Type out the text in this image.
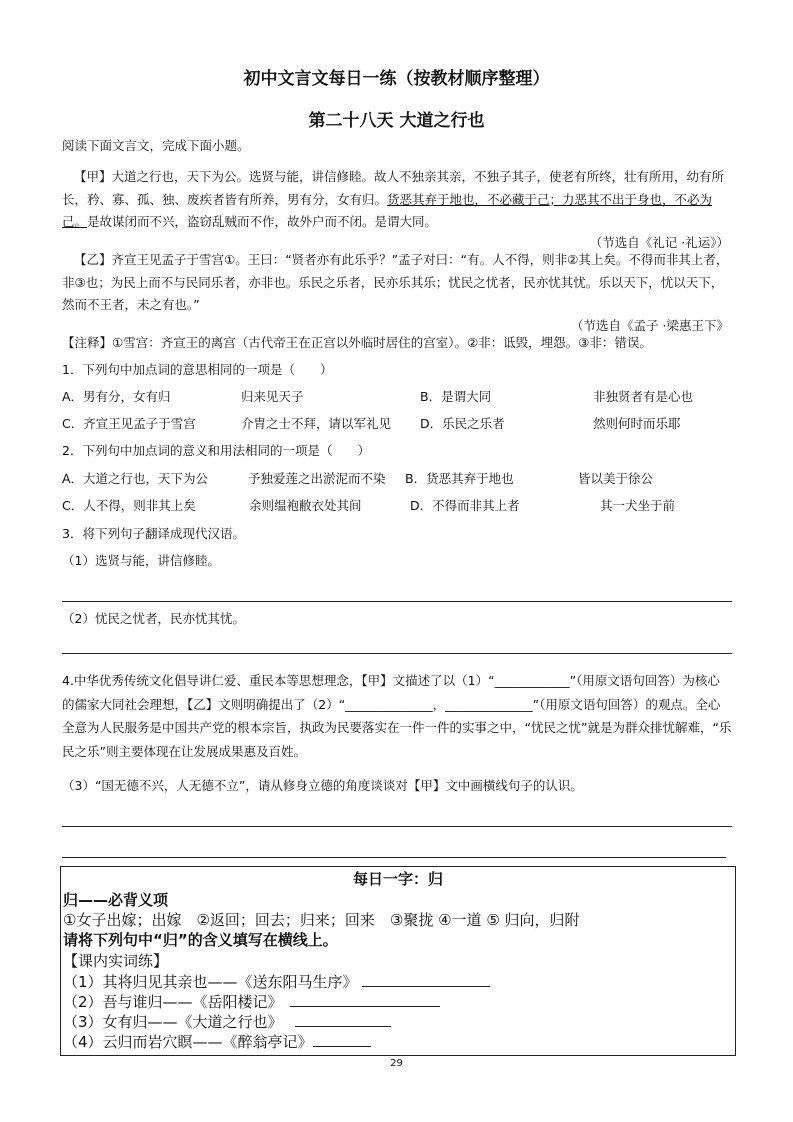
初中文言文每日一练（按教材顺序整理）
第二十八天 大道之行也
阅读下面文言文，完成下面小题。
【甲】大道之行也，天下为公。选贤与能，讲信修睦。故人不独亲其亲，不独子其子，使老有所终，壮有所用，幼有所长，矜、寡、孤、独、废疾者皆有所养，男有分，女有归。货恶其弃于地也，不必藏于己；力恶其不出于身也，不必为己。是故谋闭而不兴，盗窃乱贼而不作，故外户而不闭。是谓大同。
（节选自《礼记 ·礼运》）
【乙】齐宣王见孟子于雪宫①。王曰：“贤者亦有此乐乎？”孟子对曰：“有。人不得，则非②其上矣。不得而非其上者，非③也；为民上而不与民同乐者，亦非也。乐民之乐者，民亦乐其乐；忧民之忧者，民亦忧其忧。乐以天下，忧以天下，然而不王者，未之有也。”
（节选自《孟子 ·梁惠王下》
【注释】①雪宫：齐宣王的离宫（古代帝王在正宫以外临时居住的宫室）。②非：诋毁，埋怨。③非：错误。
1．下列句中加点词的意思相同的一项是（　　）
A．男有分，女有归	归来见天子	B．是谓大同	非独贤者有是心也
C．齐宣王见孟子于雪宫	介胄之士不拜，请以军礼见 D．乐民之乐者	然则何时而乐耶
2．下列句中加点词的意义和用法相同的一项是（　　）
A．大道之行也，天下为公	予独爱莲之出淤泥而不染 B．货恶其弃于地也	皆以美于徐公
C．人不得，则非其上矣	余则缊袍敝衣处其间	D．不得而非其上者	其一犬坐于前
3．将下列句子翻译成现代汉语。
（1）选贤与能，讲信修睦。
（2）忧民之忧者，民亦忧其忧。
4.中华优秀传统文化倡导讲仁爱、重民本等思想理念，【甲】文描述了以（1）“____________”（用原文语句回答）为核心的儒家大同社会理想，【乙】文则明确提出了（2）“______________，______________”（用原文语句回答）的观点。全心全意为人民服务是中国共产党的根本宗旨，执政为民要落实在一件一件的实事之中，“忧民之忧”就是为群众排忧解难，“乐民之乐”则主要体现在让发展成果惠及百姓。
（3）“国无德不兴，人无德不立”，请从修身立德的角度谈谈对【甲】文中画横线句子的认识。
每日一字：归
归——必背义项
①女子出嫁；出嫁　②返回；回去；归来；回来　③聚拢 ④一道 ⑤ 归向，归附
请将下列句中“归”的含义填写在横线上。
【课内实词练】
（1）其将归见其亲也——《送东阳马生序》
（2）吾与谁归——《岳阳楼记》　
（3）女有归——《大道之行也》　
（4）云归而岩穴瞑——《醉翁亭记》
29
